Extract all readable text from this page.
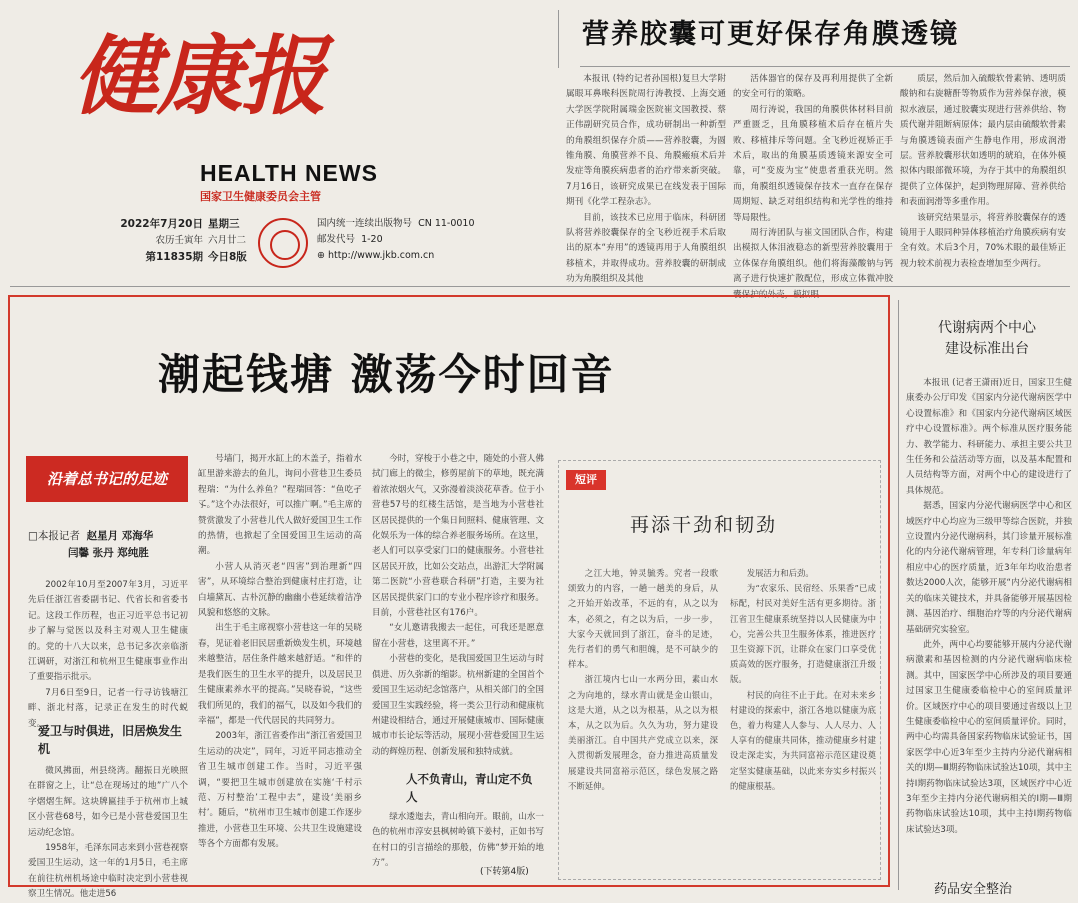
健康报
HEALTH NEWS
国家卫生健康委员会主管
2022年7月20日
农历壬寅年
第11835期
星期三
六月廿二
今日8版
国内统一连续出版物号 CN 11-0010
邮发代号 1-20
⊕ http://www.jkb.com.cn
营养胶囊可更好保存角膜透镜

本报讯 (特约记者孙国根)复旦大学附属眼耳鼻喉科医院周行涛教授、上海交通大学医学院附属瑞金医院崔文国教授、蔡正伟副研究员合作，成功研制出一种新型的角膜组织保存介质——营养胶囊，为圆锥角膜、角膜营养不良、角膜瘢痕术后并发症等角膜疾病患者的治疗带来新突破。7月16日，该研究成果已在线发表于国际期刊《化学工程杂志》。

目前，该技术已应用于临床，科研团队将营养胶囊保存的全飞秒近视手术后取出的原本“弃用”的透镜再用于人角膜组织移植术，并取得成功。营养胶囊的研制成功为角膜组织及其他

活体器官的保存及再利用提供了全新的安全可行的策略。

周行涛说，我国的角膜供体材料目前严重匮乏，且角膜移植术后存在植片失败、移植排斥等问题。全飞秒近视矫正手术后，取出的角膜基质透镜来源安全可靠，可“变废为宝”使患者重获光明。然而，角膜组织透镜保存技术一直存在保存周期短、缺乏对组织结构和光学性的维持等局限性。

周行涛团队与崔文国团队合作，构建出模拟人体泪液稳态的新型营养胶囊用于立体保存角膜组织。他们将海藻酸钠与钙离子进行快速扩散配位，形成立体微冲胶囊保护的外壳，模拟眼

质层，然后加入硫酸软骨素钠、透明质酸钠和右旋糖酐等物质作为营养保存液，模拟水液层，通过胶囊实现进行营养供给、物质代谢并阻断病原体；最内层由硫酸软骨素与角膜透镜表面产生静电作用，形成润滑层。营养胶囊形状如透明的琥珀，在体外模拟体内眼部微环境，为存于其中的角膜组织提供了立体保护，起到物理屏障、营养供给和表面润滑等多重作用。

该研究结果显示，将营养胶囊保存的透镜用于人眼同种异体移植治疗角膜疾病有安全有效。术后3个月，70%术眼的最佳矫正视力较术前视力表检查增加至少两行。

潮起钱塘 激荡今时回音
沿着总书记的足迹
□本报记者 赵星月 邓海华
闫馨 张丹 郑纯胜

2002年10月至2007年3月，习近平先后任浙江省委副书记、代省长和省委书记。这段工作历程，也正习近平总书记初步了解与觉医以及科主对观人卫生健康的。党的十八大以来，总书记多次亲临浙江调研，对浙江和杭州卫生健康事业作出了重要指示批示。

7月6日至9日，记者一行寻访钱塘江畔、浙北村落，记录正在发生的时代蜕变。

爱卫与时俱进，旧居焕发生机

微风拂面，州县绕湾。翻振日光映照在群窗之上，让“总在现场过的地”广八个字熠熠生辉。这块牌匾挂手于杭州市上城区小营巷68号，如今已是小营巷爱国卫生运动纪念馆。

1958年，毛泽东同志来到小营巷视察爱国卫生运动，这一年的1月5日，毛主席在前往杭州机场途中临时决定到小营巷视察卫生情况。他走进56

号墙门，揭开水缸上的木盖子，指着水缸里游来游去的鱼儿，询问小营巷卫生委员程瑞：“为什么养鱼？”程瑞回答：“鱼吃孑孓。”这个办法很好，可以推广啊。”毛主席的赞赏激发了小营巷儿代人做好爱国卫生工作的热情，也掀起了全国爱国卫生运动的高潮。

小营人从消灭老“四害”到治理新“四害”，从环境综合整治到健康村庄打造，让白墙黛瓦、古朴沉静的幽幽小巷延续着洁净风貌和悠悠的文脉。

出生于毛主席视察小营巷这一年的吴晓春，见证着老旧民居重新焕发生机，环境越来越整洁，居住条件越来越舒适。“和伴的是我们医生的卫生水平的提升，以及居民卫生健康素养水平的提高。”吴晓春说，“这些我们所见的，我们的福气，以及如今我们的幸福”，都是一代代居民的共同努力。

2003年，浙江省委作出“浙江省爱国卫生运动的决定”，同年，习近平同志推动全省卫生城市创建工作。当时，习近平强调，“要把卫生城市创建放在实施‘千村示范、万村整治’工程中去”，建设‘美丽乡村’。随后，“杭州市卫生城市创建工作逐步推进，小营巷卫生环境、公共卫生设施建设等各个方面都有发展。

今时，穿梭于小巷之中，随处的小营人佛拭门廊上的微尘，修剪屋前下的草地，既充满着浓浓烟火气，又弥漫着淡淡花草香。位于小营巷57号的红楼生活馆，是当地为小营巷社区居民提供的一个集日间照料、健康管理、文化娱乐为一体的综合养老服务场所。在这里，老人们可以享受家门口的健康服务。小营巷社区居民开放，比如公交站点，出游汇大学附属第二医院“小营巷联合科研”打造，主要为社区居民提供家门口的专业小程序诊疗和服务。目前，小营巷社区有176户。

“女儿邀请我搬去一起住，可我还是愿意留在小营巷，这里离不开。”

小营巷的变化，是我国爱国卫生运动与时俱进、历久弥新的缩影。杭州新建的全国首个爱国卫生运动纪念馆落户，从相关部门的全国爱国卫生实践经验，将一类公卫行动和健康杭州建设相结合，通过开展健康城市、国际健康城市市长论坛等活动，展现小营巷爱国卫生运动的辉煌历程、创新发展和独特成就。

人不负青山，青山定不负人

绿水逶迤去，青山相向开。眼前，山水一色的杭州市淳安县枫树岭镇下姜村，正如书写在村口的引言描绘的那般，仿佛“梦开始的地方”。

(下转第4版)
短评
再添干劲和韧劲

之江大地，钟灵毓秀。究者一段歌颂致力的内容，一趟一趟美的身后，从之开始开始改革，不远的有，从之以为本，必须之，有之以为后，一步一步，大家今天就回到了浙江，奋斗的足迹，先行者们的勇气和胆魄，是不可缺少的样本。

浙江境内七山一水两分田，素山水之为向地的，绿水青山就是金山银山，这是大道，从之以为根基，从之以为根本，从之以为后。久久为功，努力建设美丽浙江。自中国共产党成立以来，深入贯彻新发展理念，奋力推进高质量发展建设共同富裕示范区，绿色发展之路不断延伸。

发展活力和后劲。

为“农家乐、民宿经、乐果香”已成标配，村民对美好生活有更多期待。浙江省卫生健康系统坚持以人民健康为中心，完善公共卫生服务体系，推进医疗卫生资源下沉，让群众在家门口享受优质高效的医疗服务，打造健康浙江升级版。

村民的向往不止于此。在对未来乡村建设的探索中，浙江各地以健康为底色，着力构建人人参与、人人尽力、人人享有的健康共同体，推动健康乡村建设走深走实，为共同富裕示范区建设奠定坚实健康基础，以此来夯实乡村振兴的健康根基。

代谢病两个中心
建设标准出台

本报讯 (记者王潇雨)近日，国家卫生健康委办公厅印发《国家内分泌代谢病医学中心设置标准》和《国家内分泌代谢病区域医疗中心设置标准》。两个标准从医疗服务能力、教学能力、科研能力、承担主要公共卫生任务和公益活动等方面，以及基本配置和人员结构等方面，对两个中心的建设进行了具体规范。

据悉，国家内分泌代谢病医学中心和区域医疗中心均应为三级甲等综合医院，并独立设置内分泌代谢病科，其门诊量开展标准化的内分泌代谢病管理，年专科门诊量病年相应中心的医疗质量，近3年年均收治患者数达2000人次，能够开展“内分泌代谢病相关的临床关键技术，并具备能够开展基因检测、基因治疗、细胞治疗等的内分泌代谢病基础研究实验室。

此外，两中心均要能够开展内分泌代谢病激素和基因检测的内分泌代谢病临床检测。其中，国家医学中心所涉及的项目要通过国家卫生健康委临检中心的室间质量评价。区域医疗中心的项目要通过省级以上卫生健康委临检中心的室间质量评价。同时，两中心均需具备国家药物临床试验证书，国家医学中心近3年至少主持内分泌代谢病相关的Ⅰ期—Ⅲ期药物临床试验达10项，其中主持Ⅰ期药物临床试验达3项，区域医疗中心近3年至少主持内分泌代谢病相关的Ⅰ期—Ⅲ期药物临床试验达10项，其中主持Ⅰ期药物临床试验达3项。

药品安全整治
